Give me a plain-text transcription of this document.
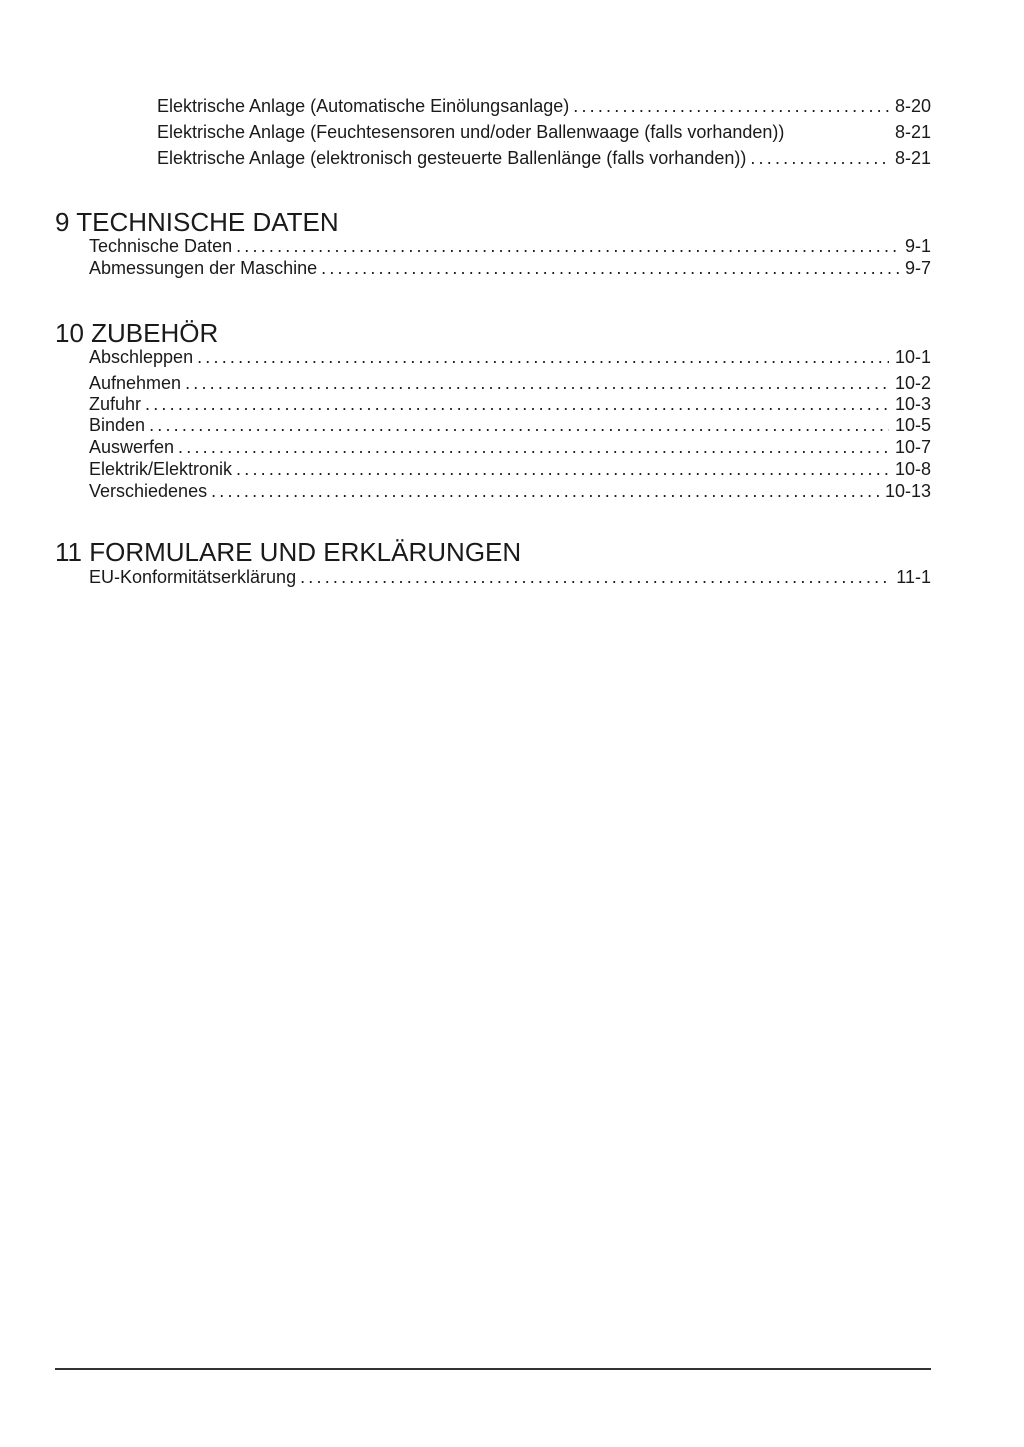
Elektrische Anlage (Automatische Einölungsanlage) .....	8-20
Elektrische Anlage (Feuchtesensoren und/oder Ballenwaage (falls vorhanden))	8-21
Elektrische Anlage (elektronisch gesteuerte Ballenlänge (falls vorhanden)) .....	8-21
9 TECHNISCHE DATEN
Technische Daten .....	9-1
Abmessungen der Maschine .....	9-7
10 ZUBEHÖR
Abschleppen .....	10-1
Aufnehmen .....	10-2
Zufuhr .....	10-3
Binden .....	10-5
Auswerfen .....	10-7
Elektrik/Elektronik .....	10-8
Verschiedenes .....	10-13
11 FORMULARE UND ERKLÄRUNGEN
EU-Konformitätserklärung .....	11-1
